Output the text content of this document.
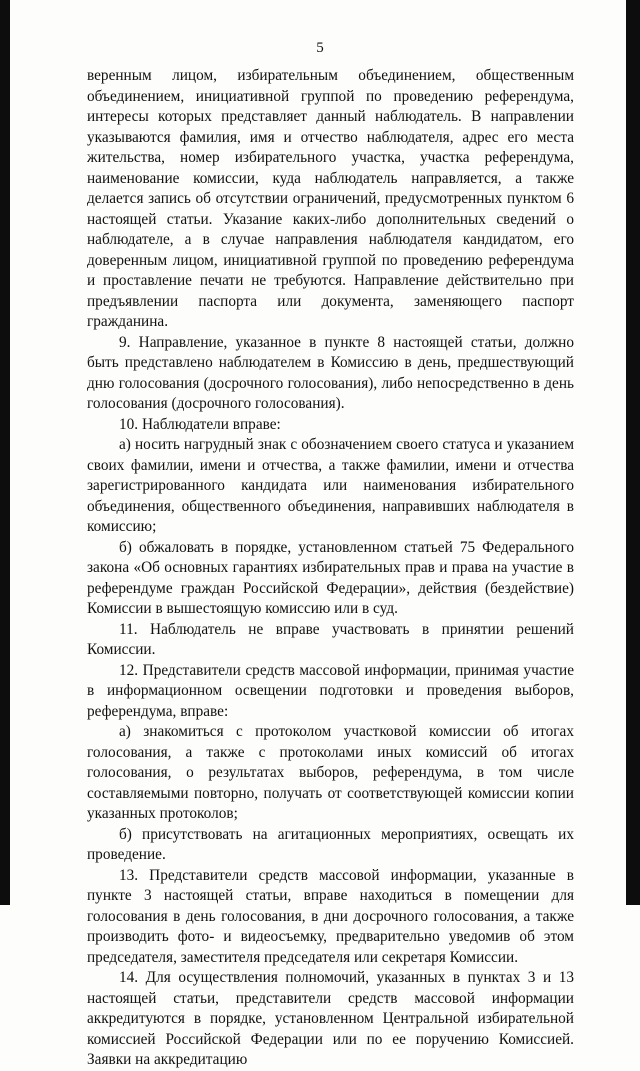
5

веренным лицом, избирательным объединением, общественным объединением, инициативной группой по проведению референдума, интересы которых представляет данный наблюдатель. В направлении указываются фамилия, имя и отчество наблюдателя, адрес его места жительства, номер избирательного участка, участка референдума, наименование комиссии, куда наблюдатель направляется, а также делается запись об отсутствии ограничений, предусмотренных пунктом 6 настоящей статьи. Указание каких-либо дополнительных сведений о наблюдателе, а в случае направления наблюдателя кандидатом, его доверенным лицом, инициативной группой по проведению референдума и проставление печати не требуются. Направление действительно при предъявлении паспорта или документа, заменяющего паспорт гражданина.

9. Направление, указанное в пункте 8 настоящей статьи, должно быть представлено наблюдателем в Комиссию в день, предшествующий дню голосования (досрочного голосования), либо непосредственно в день голосования (досрочного голосования).

10. Наблюдатели вправе:

а) носить нагрудный знак с обозначением своего статуса и указанием своих фамилии, имени и отчества, а также фамилии, имени и отчества зарегистрированного кандидата или наименования избирательного объединения, общественного объединения, направивших наблюдателя в комиссию;

б) обжаловать в порядке, установленном статьей 75 Федерального закона «Об основных гарантиях избирательных прав и права на участие в референдуме граждан Российской Федерации», действия (бездействие) Комиссии в вышестоящую комиссию или в суд.

11. Наблюдатель не вправе участвовать в принятии решений Комиссии.

12. Представители средств массовой информации, принимая участие в информационном освещении подготовки и проведения выборов, референдума, вправе:

а) знакомиться с протоколом участковой комиссии об итогах голосования, а также с протоколами иных комиссий об итогах голосования, о результатах выборов, референдума, в том числе составляемыми повторно, получать от соответствующей комиссии копии указанных протоколов;

б) присутствовать на агитационных мероприятиях, освещать их проведение.

13. Представители средств массовой информации, указанные в пункте 3 настоящей статьи, вправе находиться в помещении для голосования в день голосования, в дни досрочного голосования, а также производить фото- и видеосъемку, предварительно уведомив об этом председателя, заместителя председателя или секретаря Комиссии.

14. Для осуществления полномочий, указанных в пунктах 3 и 13 настоящей статьи, представители средств массовой информации аккредитуются в порядке, установленном Центральной избирательной комиссией Российской Федерации или по ее поручению Комиссией. Заявки на аккредитацию
